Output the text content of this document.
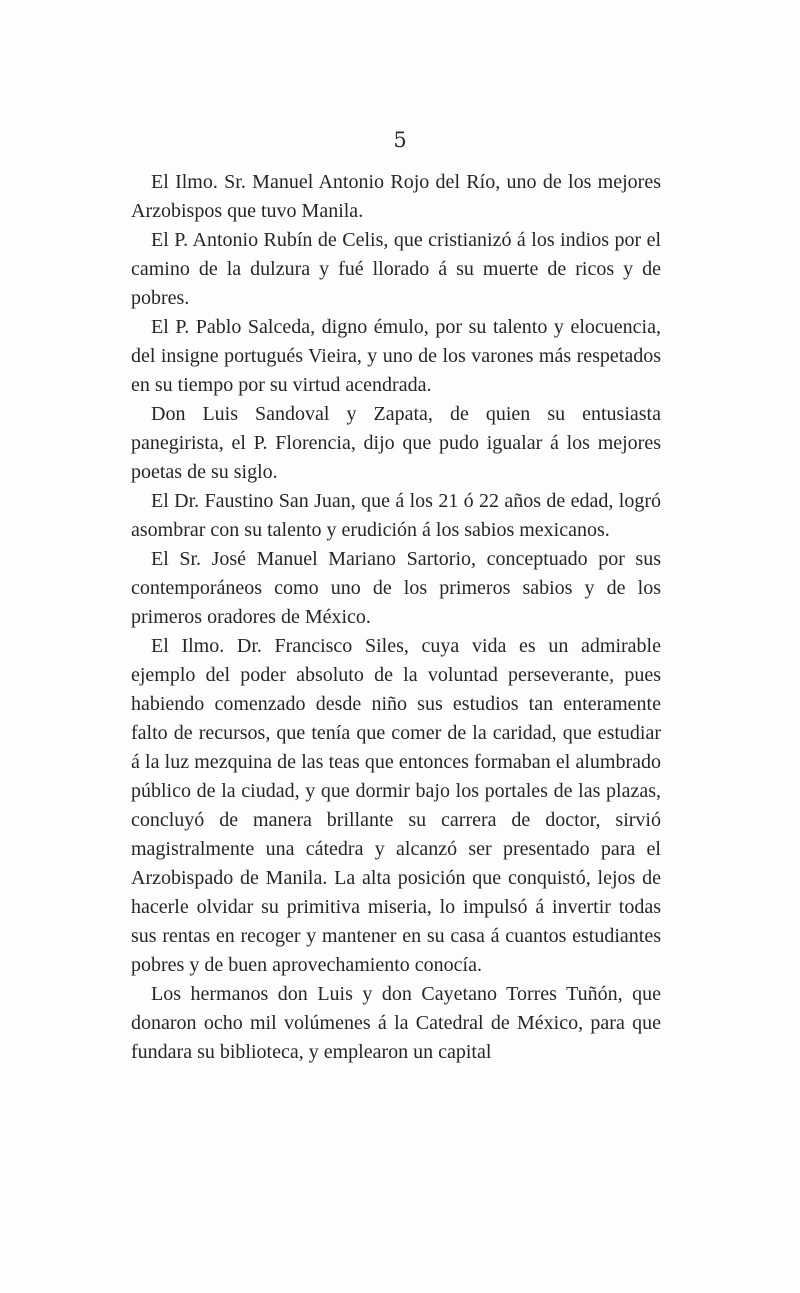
5

El Ilmo. Sr. Manuel Antonio Rojo del Río, uno de los mejores Arzobispos que tuvo Manila.

El P. Antonio Rubín de Celis, que cristianizó á los indios por el camino de la dulzura y fué llorado á su muerte de ricos y de pobres.

El P. Pablo Salceda, digno émulo, por su talento y elocuencia, del insigne portugués Vieira, y uno de los varones más respetados en su tiempo por su virtud acendrada.

Don Luis Sandoval y Zapata, de quien su entusiasta panegirista, el P. Florencia, dijo que pudo igualar á los mejores poetas de su siglo.

El Dr. Faustino San Juan, que á los 21 ó 22 años de edad, logró asombrar con su talento y erudición á los sabios mexicanos.

El Sr. José Manuel Mariano Sartorio, conceptuado por sus contemporáneos como uno de los primeros sabios y de los primeros oradores de México.

El Ilmo. Dr. Francisco Siles, cuya vida es un admirable ejemplo del poder absoluto de la voluntad perseverante, pues habiendo comenzado desde niño sus estudios tan enteramente falto de recursos, que tenía que comer de la caridad, que estudiar á la luz mezquina de las teas que entonces formaban el alumbrado público de la ciudad, y que dormir bajo los portales de las plazas, concluyó de manera brillante su carrera de doctor, sirvió magistralmente una cátedra y alcanzó ser presentado para el Arzobispado de Manila. La alta posición que conquistó, lejos de hacerle olvidar su primitiva miseria, lo impulsó á invertir todas sus rentas en recoger y mantener en su casa á cuantos estudiantes pobres y de buen aprovechamiento conocía.

Los hermanos don Luis y don Cayetano Torres Tuñón, que donaron ocho mil volúmenes á la Catedral de México, para que fundara su biblioteca, y emplearon un capital
